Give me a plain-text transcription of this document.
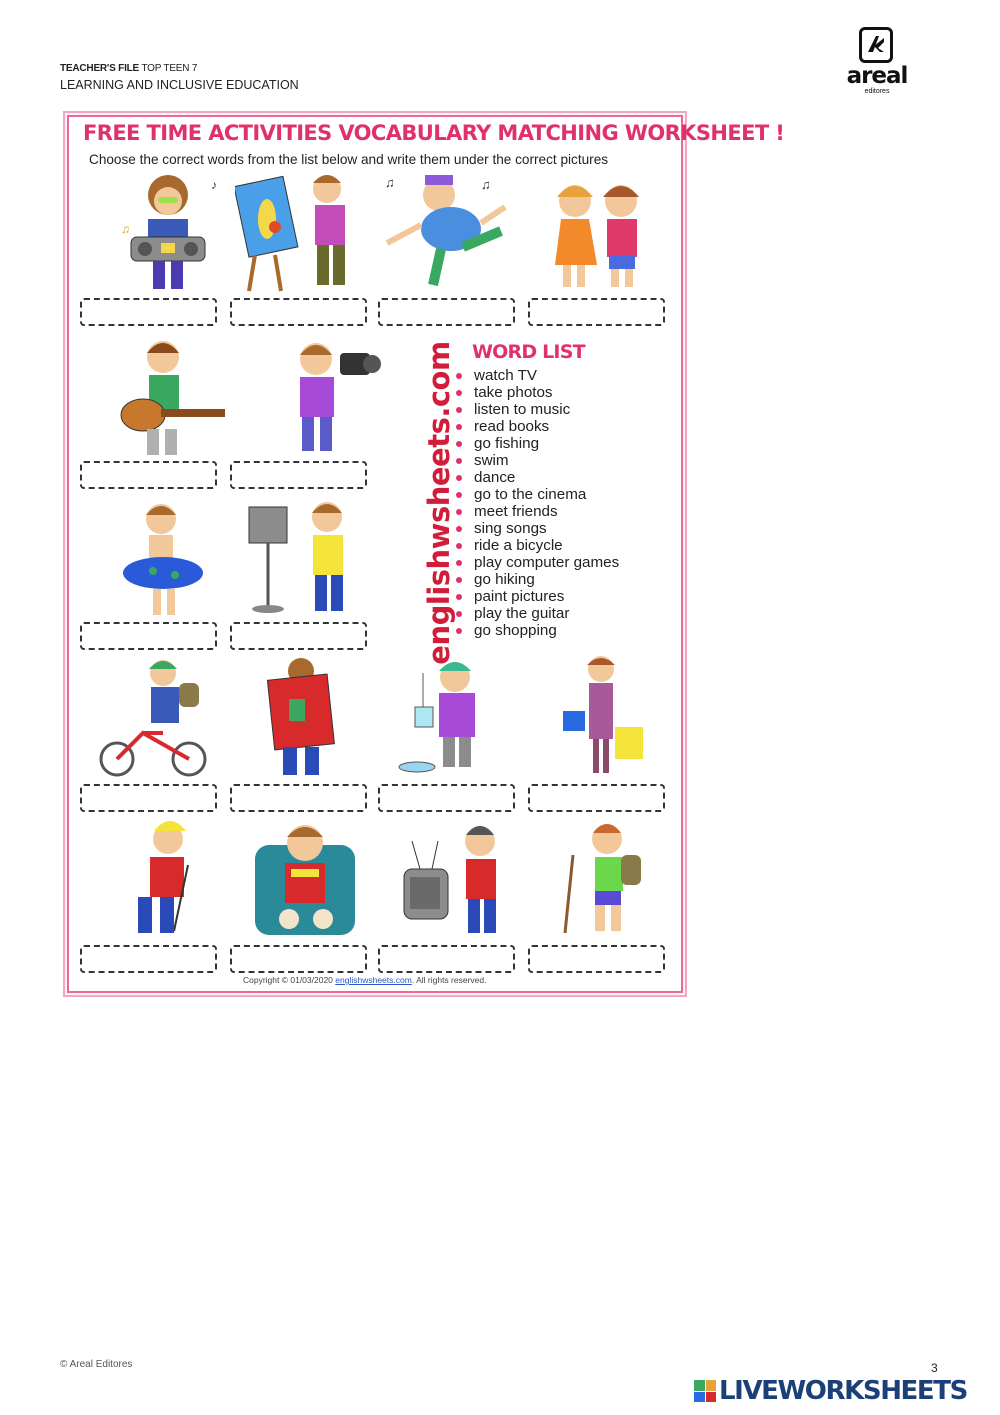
TEACHER'S FILE TOP TEEN 7
LEARNING AND INCLUSIVE EDUCATION	areal
editores
FREE TIME ACTIVITIES VOCABULARY MATCHING WORKSHEET !
Choose the correct words from the list below and write them under the correct pictures
♫
♪	♫	♫
englishwsheets.com WORD LIST
watch TV
take photos
listen to music
read books
go fishing
swim
dance
go to the cinema
meet friends
sing songs
ride a bicycle
play computer games
go hiking
paint pictures
play the guitar
go shopping
Copyright © 01/03/2020 englishwsheets.com. All rights reserved.
© Areal Editores	3
LIVEWORKSHEETS
